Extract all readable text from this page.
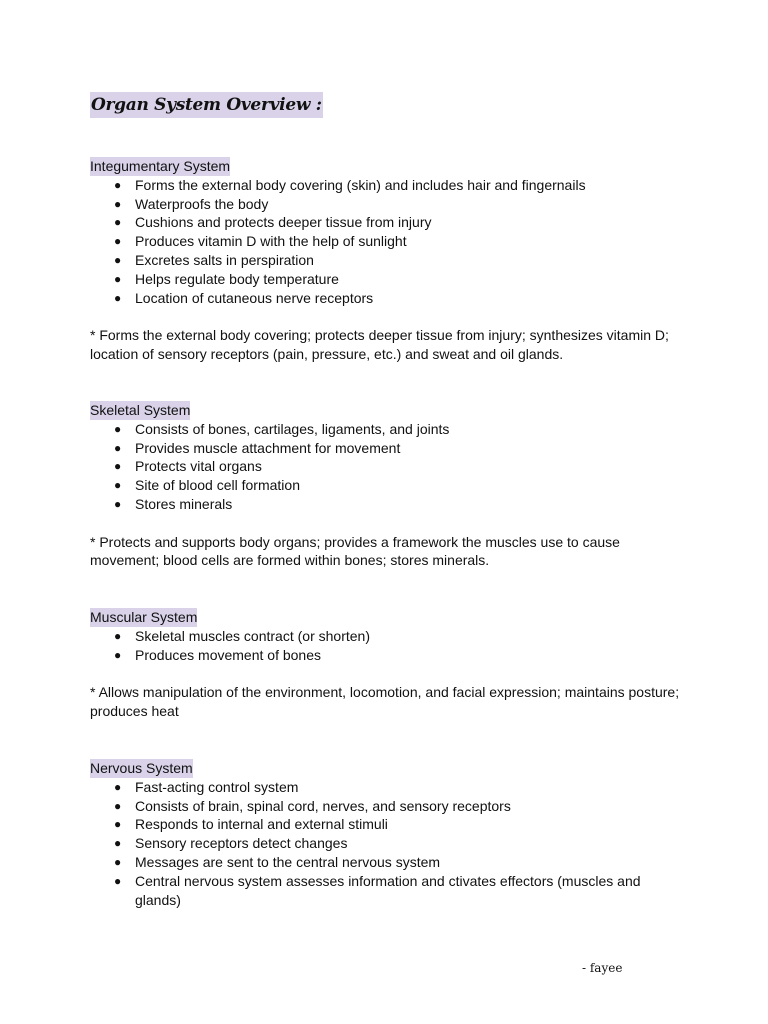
Organ System Overview :
Integumentary System
● Forms the external body covering (skin) and includes hair and fingernails
● Waterproofs the body
● Cushions and protects deeper tissue from injury
● Produces vitamin D with the help of sunlight
● Excretes salts in perspiration
● Helps regulate body temperature
● Location of cutaneous nerve receptors

* Forms the external body covering; protects deeper tissue from injury; synthesizes vitamin D; location of sensory receptors (pain, pressure, etc.) and sweat and oil glands.

Skeletal System
● Consists of bones, cartilages, ligaments, and joints
● Provides muscle attachment for movement
● Protects vital organs
● Site of blood cell formation
● Stores minerals

* Protects and supports body organs; provides a framework the muscles use to cause movement; blood cells are formed within bones; stores minerals.

Muscular System
● Skeletal muscles contract (or shorten)
● Produces movement of bones

* Allows manipulation of the environment, locomotion, and facial expression; maintains posture; produces heat

Nervous System
● Fast-acting control system
● Consists of brain, spinal cord, nerves, and sensory receptors
● Responds to internal and external stimuli
● Sensory receptors detect changes
● Messages are sent to the central nervous system
● Central nervous system assesses information and ctivates effectors (muscles and glands)
- fayee
